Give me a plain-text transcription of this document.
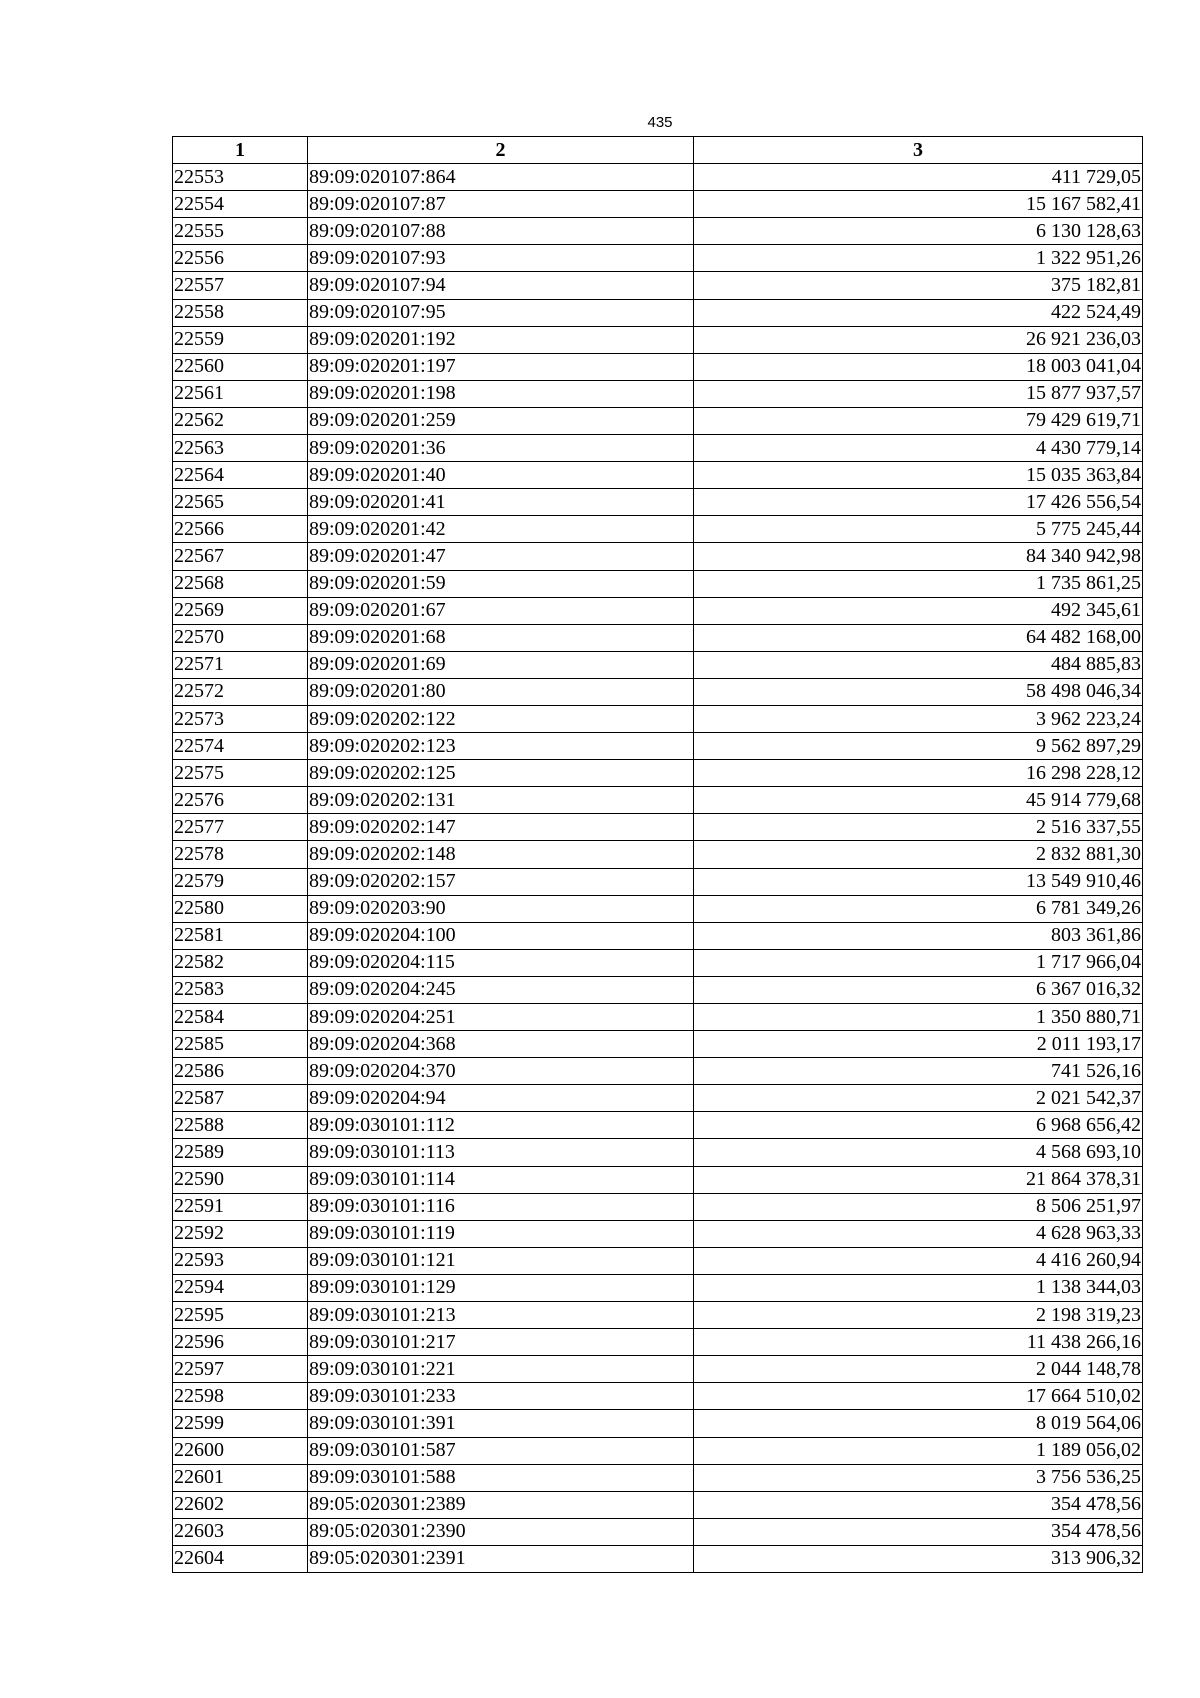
435
1	2	3
22553	89:09:020107:864	411 729,05
22554	89:09:020107:87	15 167 582,41
22555	89:09:020107:88	6 130 128,63
22556	89:09:020107:93	1 322 951,26
22557	89:09:020107:94	375 182,81
22558	89:09:020107:95	422 524,49
22559	89:09:020201:192	26 921 236,03
22560	89:09:020201:197	18 003 041,04
22561	89:09:020201:198	15 877 937,57
22562	89:09:020201:259	79 429 619,71
22563	89:09:020201:36	4 430 779,14
22564	89:09:020201:40	15 035 363,84
22565	89:09:020201:41	17 426 556,54
22566	89:09:020201:42	5 775 245,44
22567	89:09:020201:47	84 340 942,98
22568	89:09:020201:59	1 735 861,25
22569	89:09:020201:67	492 345,61
22570	89:09:020201:68	64 482 168,00
22571	89:09:020201:69	484 885,83
22572	89:09:020201:80	58 498 046,34
22573	89:09:020202:122	3 962 223,24
22574	89:09:020202:123	9 562 897,29
22575	89:09:020202:125	16 298 228,12
22576	89:09:020202:131	45 914 779,68
22577	89:09:020202:147	2 516 337,55
22578	89:09:020202:148	2 832 881,30
22579	89:09:020202:157	13 549 910,46
22580	89:09:020203:90	6 781 349,26
22581	89:09:020204:100	803 361,86
22582	89:09:020204:115	1 717 966,04
22583	89:09:020204:245	6 367 016,32
22584	89:09:020204:251	1 350 880,71
22585	89:09:020204:368	2 011 193,17
22586	89:09:020204:370	741 526,16
22587	89:09:020204:94	2 021 542,37
22588	89:09:030101:112	6 968 656,42
22589	89:09:030101:113	4 568 693,10
22590	89:09:030101:114	21 864 378,31
22591	89:09:030101:116	8 506 251,97
22592	89:09:030101:119	4 628 963,33
22593	89:09:030101:121	4 416 260,94
22594	89:09:030101:129	1 138 344,03
22595	89:09:030101:213	2 198 319,23
22596	89:09:030101:217	11 438 266,16
22597	89:09:030101:221	2 044 148,78
22598	89:09:030101:233	17 664 510,02
22599	89:09:030101:391	8 019 564,06
22600	89:09:030101:587	1 189 056,02
22601	89:09:030101:588	3 756 536,25
22602	89:05:020301:2389	354 478,56
22603	89:05:020301:2390	354 478,56
22604	89:05:020301:2391	313 906,32
